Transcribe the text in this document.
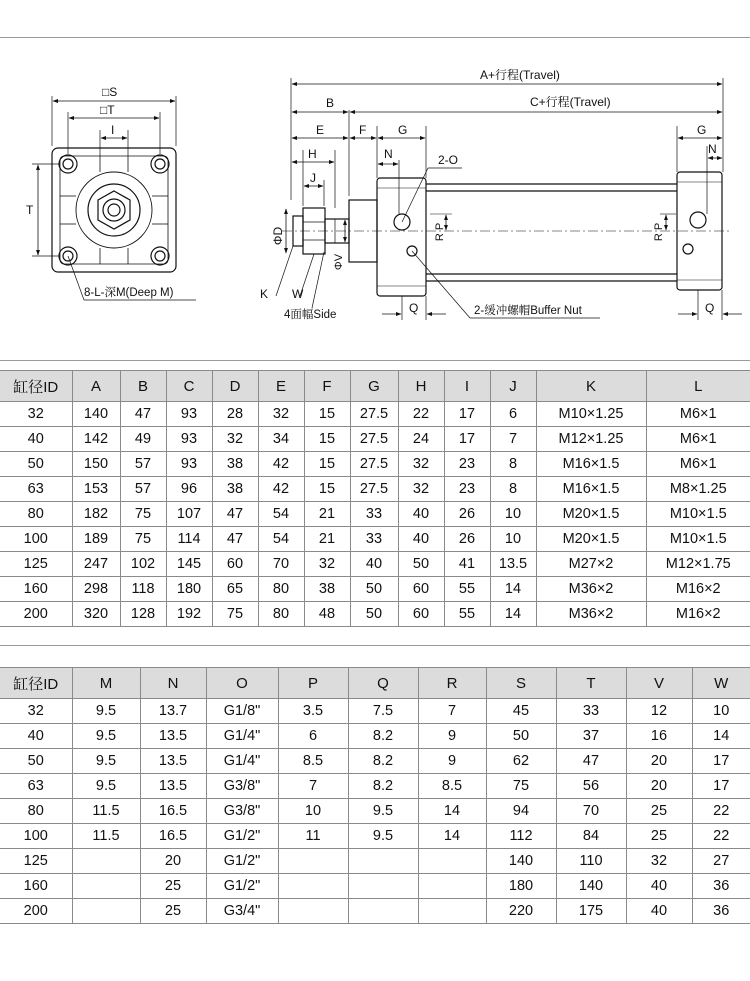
□S
□T
I
T
8-L-深M(Deep M)
A+行程(Travel)
C+行程(Travel)
B
E	F	G	G
H
J
N	N
2-O
ΦD
ΦV
R P	R P
K W
4面幅Side	Q	Q
2-缓冲螺帽Buffer Nut
缸径ID	A	B	C	D	E	F	G	H	I	J	K	L
32	140	47	93	28	32	15	27.5	22	17	6	M10×1.25	M6×1
40	142	49	93	32	34	15	27.5	24	17	7	M12×1.25	M6×1
50	150	57	93	38	42	15	27.5	32	23	8	M16×1.5	M6×1
63	153	57	96	38	42	15	27.5	32	23	8	M16×1.5	M8×1.25
80	182	75	107	47	54	21	33	40	26	10	M20×1.5	M10×1.5
100	189	75	114	47	54	21	33	40	26	10	M20×1.5	M10×1.5
125	247	102	145	60	70	32	40	50	41	13.5	M27×2	M12×1.75
160	298	118	180	65	80	38	50	60	55	14	M36×2	M16×2
200	320	128	192	75	80	48	50	60	55	14	M36×2	M16×2
缸径ID	M	N	O	P	Q	R	S	T	V	W
32	9.5	13.7	G1/8"	3.5	7.5	7	45	33	12	10
40	9.5	13.5	G1/4"	6	8.2	9	50	37	16	14
50	9.5	13.5	G1/4"	8.5	8.2	9	62	47	20	17
63	9.5	13.5	G3/8"	7	8.2	8.5	75	56	20	17
80	11.5	16.5	G3/8"	10	9.5	14	94	70	25	22
100	11.5	16.5	G1/2"	11	9.5	14	112	84	25	22
125		20	G1/2"				140	110	32	27
160		25	G1/2"				180	140	40	36
200		25	G3/4"				220	175	40	36
